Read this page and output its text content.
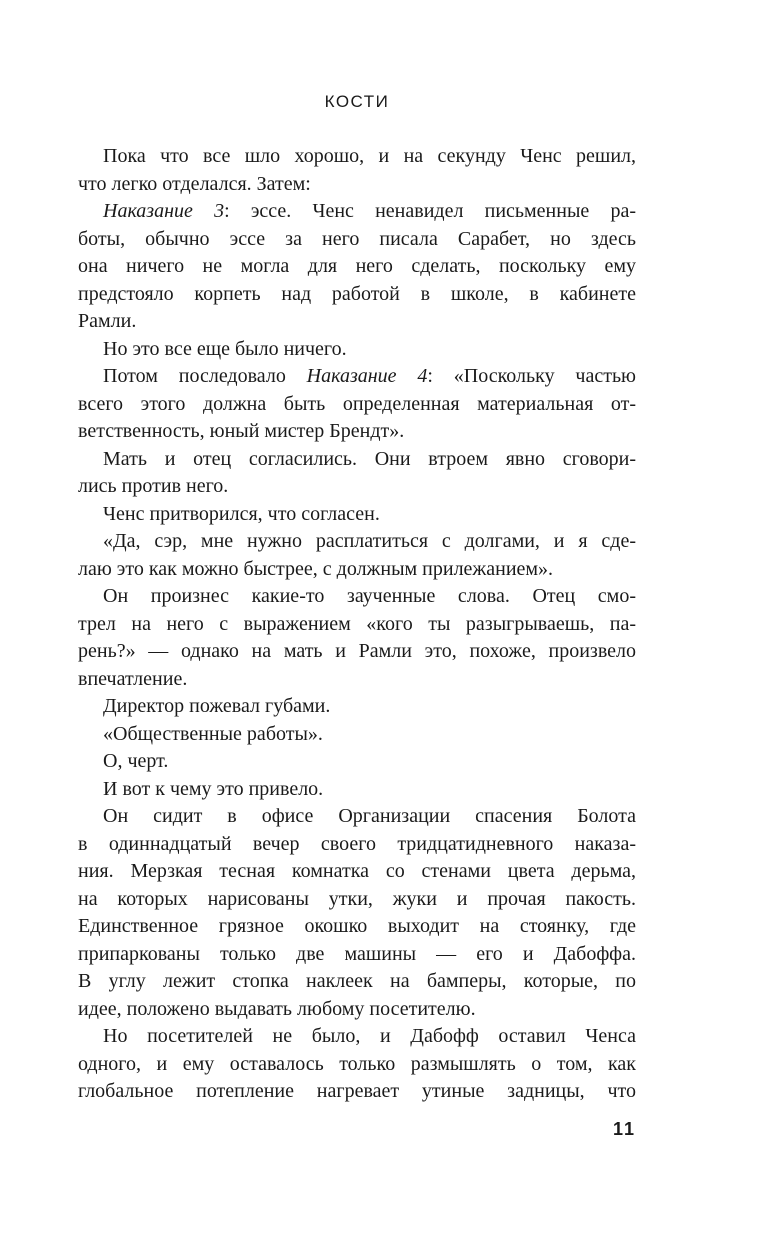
КОСТИ
Пока что все шло хорошо, и на секунду Ченс решил,
что легко отделался. Затем:
Наказание 3: эссе. Ченс ненавидел письменные ра-
боты, обычно эссе за него писала Сарабет, но здесь
она ничего не могла для него сделать, поскольку ему
предстояло корпеть над работой в школе, в кабинете
Рамли.
Но это все еще было ничего.
Потом последовало Наказание 4: «Поскольку частью
всего этого должна быть определенная материальная от-
ветственность, юный мистер Брендт».
Мать и отец согласились. Они втроем явно сговори-
лись против него.
Ченс притворился, что согласен.
«Да, сэр, мне нужно расплатиться с долгами, и я сде-
лаю это как можно быстрее, с должным прилежанием».
Он произнес какие-то заученные слова. Отец смо-
трел на него с выражением «кого ты разыгрываешь, па-
рень?» — однако на мать и Рамли это, похоже, произвело
впечатление.
Директор пожевал губами.
«Общественные работы».
О, черт.
И вот к чему это привело.
Он сидит в офисе Организации спасения Болота
в одиннадцатый вечер своего тридцатидневного наказа-
ния. Мерзкая тесная комнатка со стенами цвета дерьма,
на которых нарисованы утки, жуки и прочая пакость.
Единственное грязное окошко выходит на стоянку, где
припаркованы только две машины — его и Дабоффа.
В углу лежит стопка наклеек на бамперы, которые, по
идее, положено выдавать любому посетителю.
Но посетителей не было, и Дабофф оставил Ченса
одного, и ему оставалось только размышлять о том, как
глобальное потепление нагревает утиные задницы, что
11
